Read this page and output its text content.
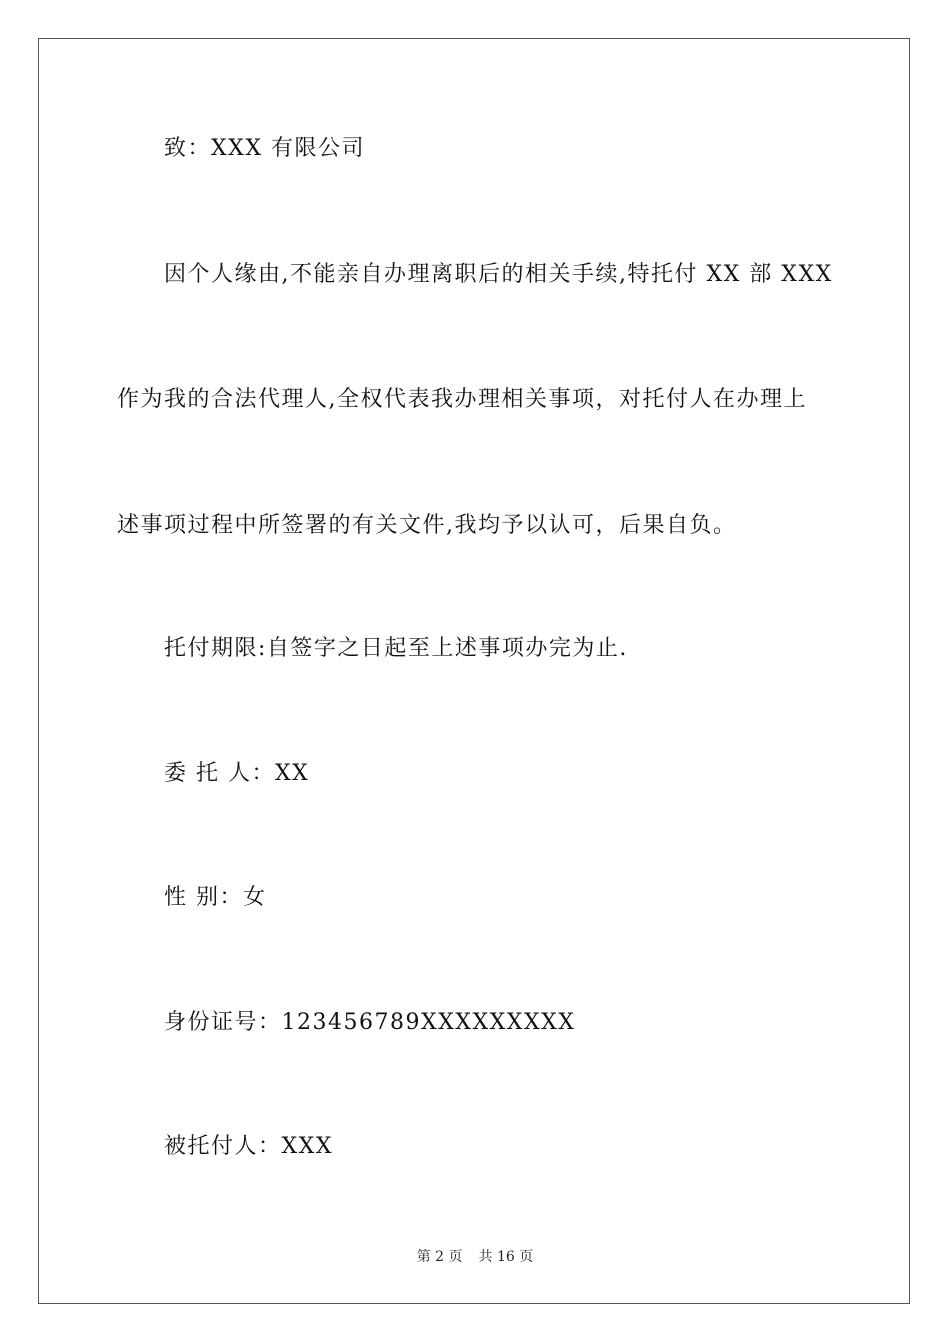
致：XXX 有限公司
因个人缘由,不能亲自办理离职后的相关手续,特托付 XX 部 XXX
作为我的合法代理人,全权代表我办理相关事项，对托付人在办理上
述事项过程中所签署的有关文件,我均予以认可，后果自负。
托付期限:自签字之日起至上述事项办完为止.
委 托 人：XX
性 别：女
身份证号：123456789XXXXXXXXX
被托付人：XXX
第 2 页 共 16 页
